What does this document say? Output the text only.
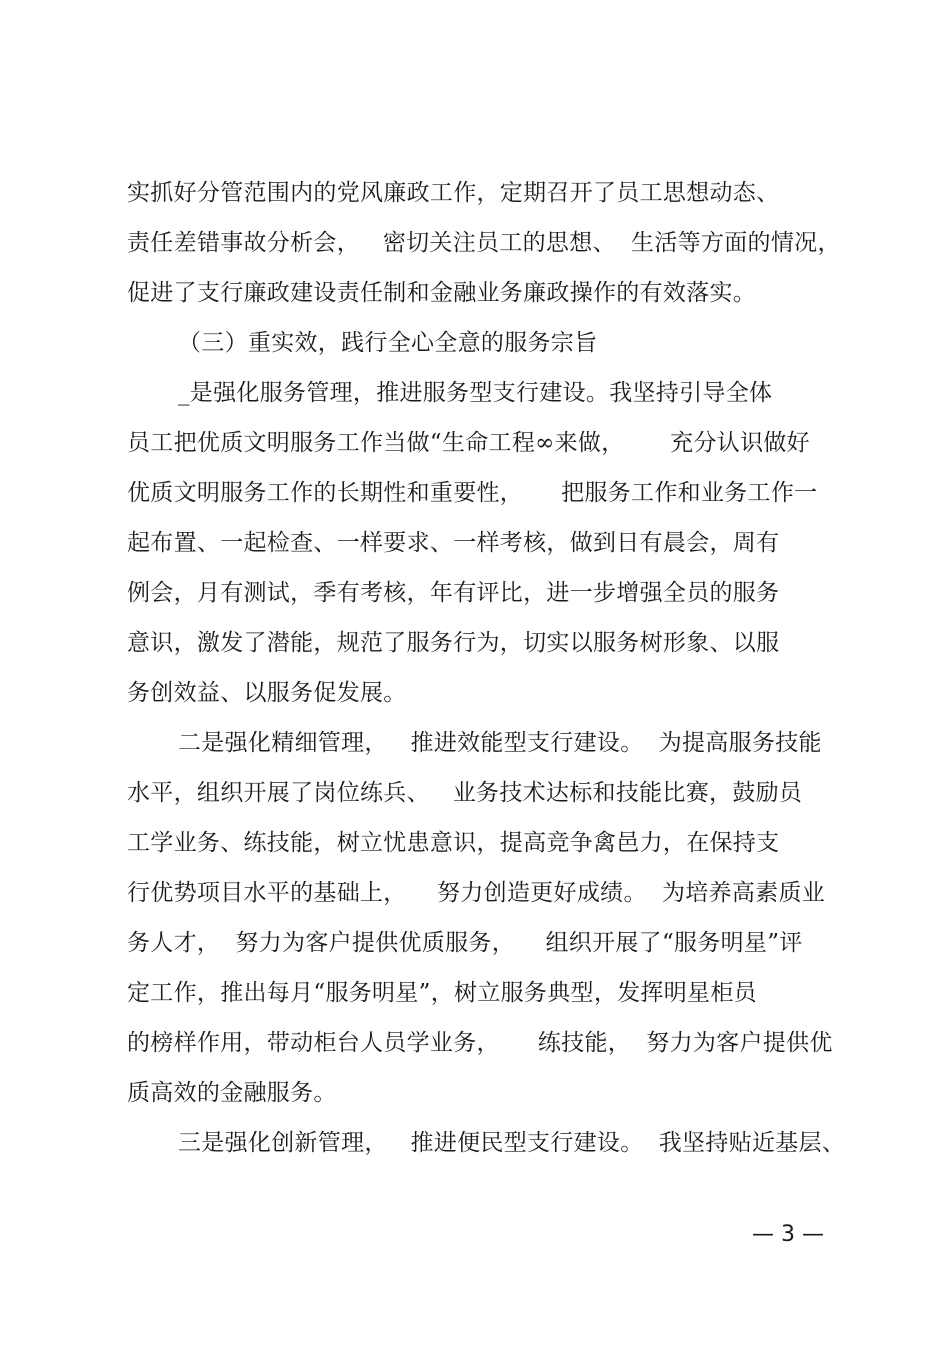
实抓好分管范围内的党风廉政工作，定期召开了员工思想动态、
责任差错事故分析会，   密切关注员工的思想、  生活等方面的情况，
促进了支行廉政建设责任制和金融业务廉政操作的有效落实。
（三）重实效，践行全心全意的服务宗旨
_是强化服务管理，推进服务型支行建设。我坚持引导全体
员工把优质文明服务工作当做“生命工程∞来做，      充分认识做好
优质文明服务工作的长期性和重要性，     把服务工作和业务工作一
起布置、一起检查、一样要求、一样考核，做到日有晨会，周有
例会，月有测试，季有考核，年有评比，进一步增强全员的服务
意识，激发了潜能，规范了服务行为，切实以服务树形象、以服
务创效益、以服务促发展。
二是强化精细管理，   推进效能型支行建设。  为提高服务技能
水平，组织开展了岗位练兵、   业务技术达标和技能比赛，鼓励员
工学业务、练技能，树立忧患意识，提高竞争禽邑力，在保持支
行优势项目水平的基础上，    努力创造更好成绩。  为培养高素质业
务人才，  努力为客户提供优质服务，    组织开展了“服务明星”评
定工作，推出每月“服务明星”，树立服务典型，发挥明星柜员
的榜样作用，带动柜台人员学业务，     练技能，  努力为客户提供优
质高效的金融服务。
三是强化创新管理，   推进便民型支行建设。  我坚持贴近基层、
— 3 —
